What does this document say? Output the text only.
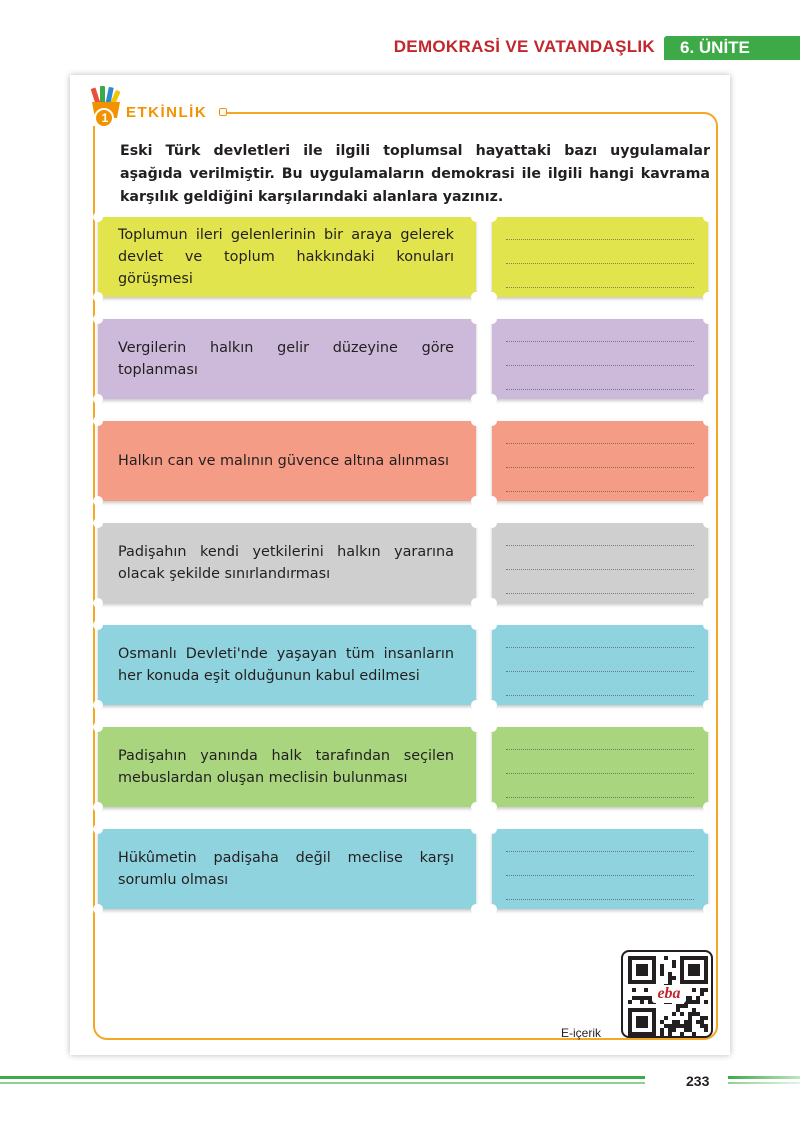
DEMOKRASİ VE VATANDAŞLIK	6. ÜNİTE
1 ETKİNLİK
Eski Türk devletleri ile ilgili toplumsal hayattaki bazı uygulamalar aşağıda verilmiştir. Bu uygulamaların demokrasi ile ilgili hangi kavrama karşılık geldiğini karşılarındaki alanlara yazınız.
Toplumun ileri gelenlerinin bir araya gelerek devlet ve toplum hakkındaki konuları görüşmesi
Vergilerin halkın gelir düzeyine göre toplanması
Halkın can ve malının güvence altına alınması
Padişahın kendi yetkilerini halkın yararına olacak şekilde sınırlandırması
Osmanlı Devleti'nde yaşayan tüm insanların her konuda eşit olduğunun kabul edilmesi
Padişahın yanında halk tarafından seçilen mebuslardan oluşan meclisin bulunması
Hükûmetin padişaha değil meclise karşı sorumlu olması
eba
E-içerik
233
